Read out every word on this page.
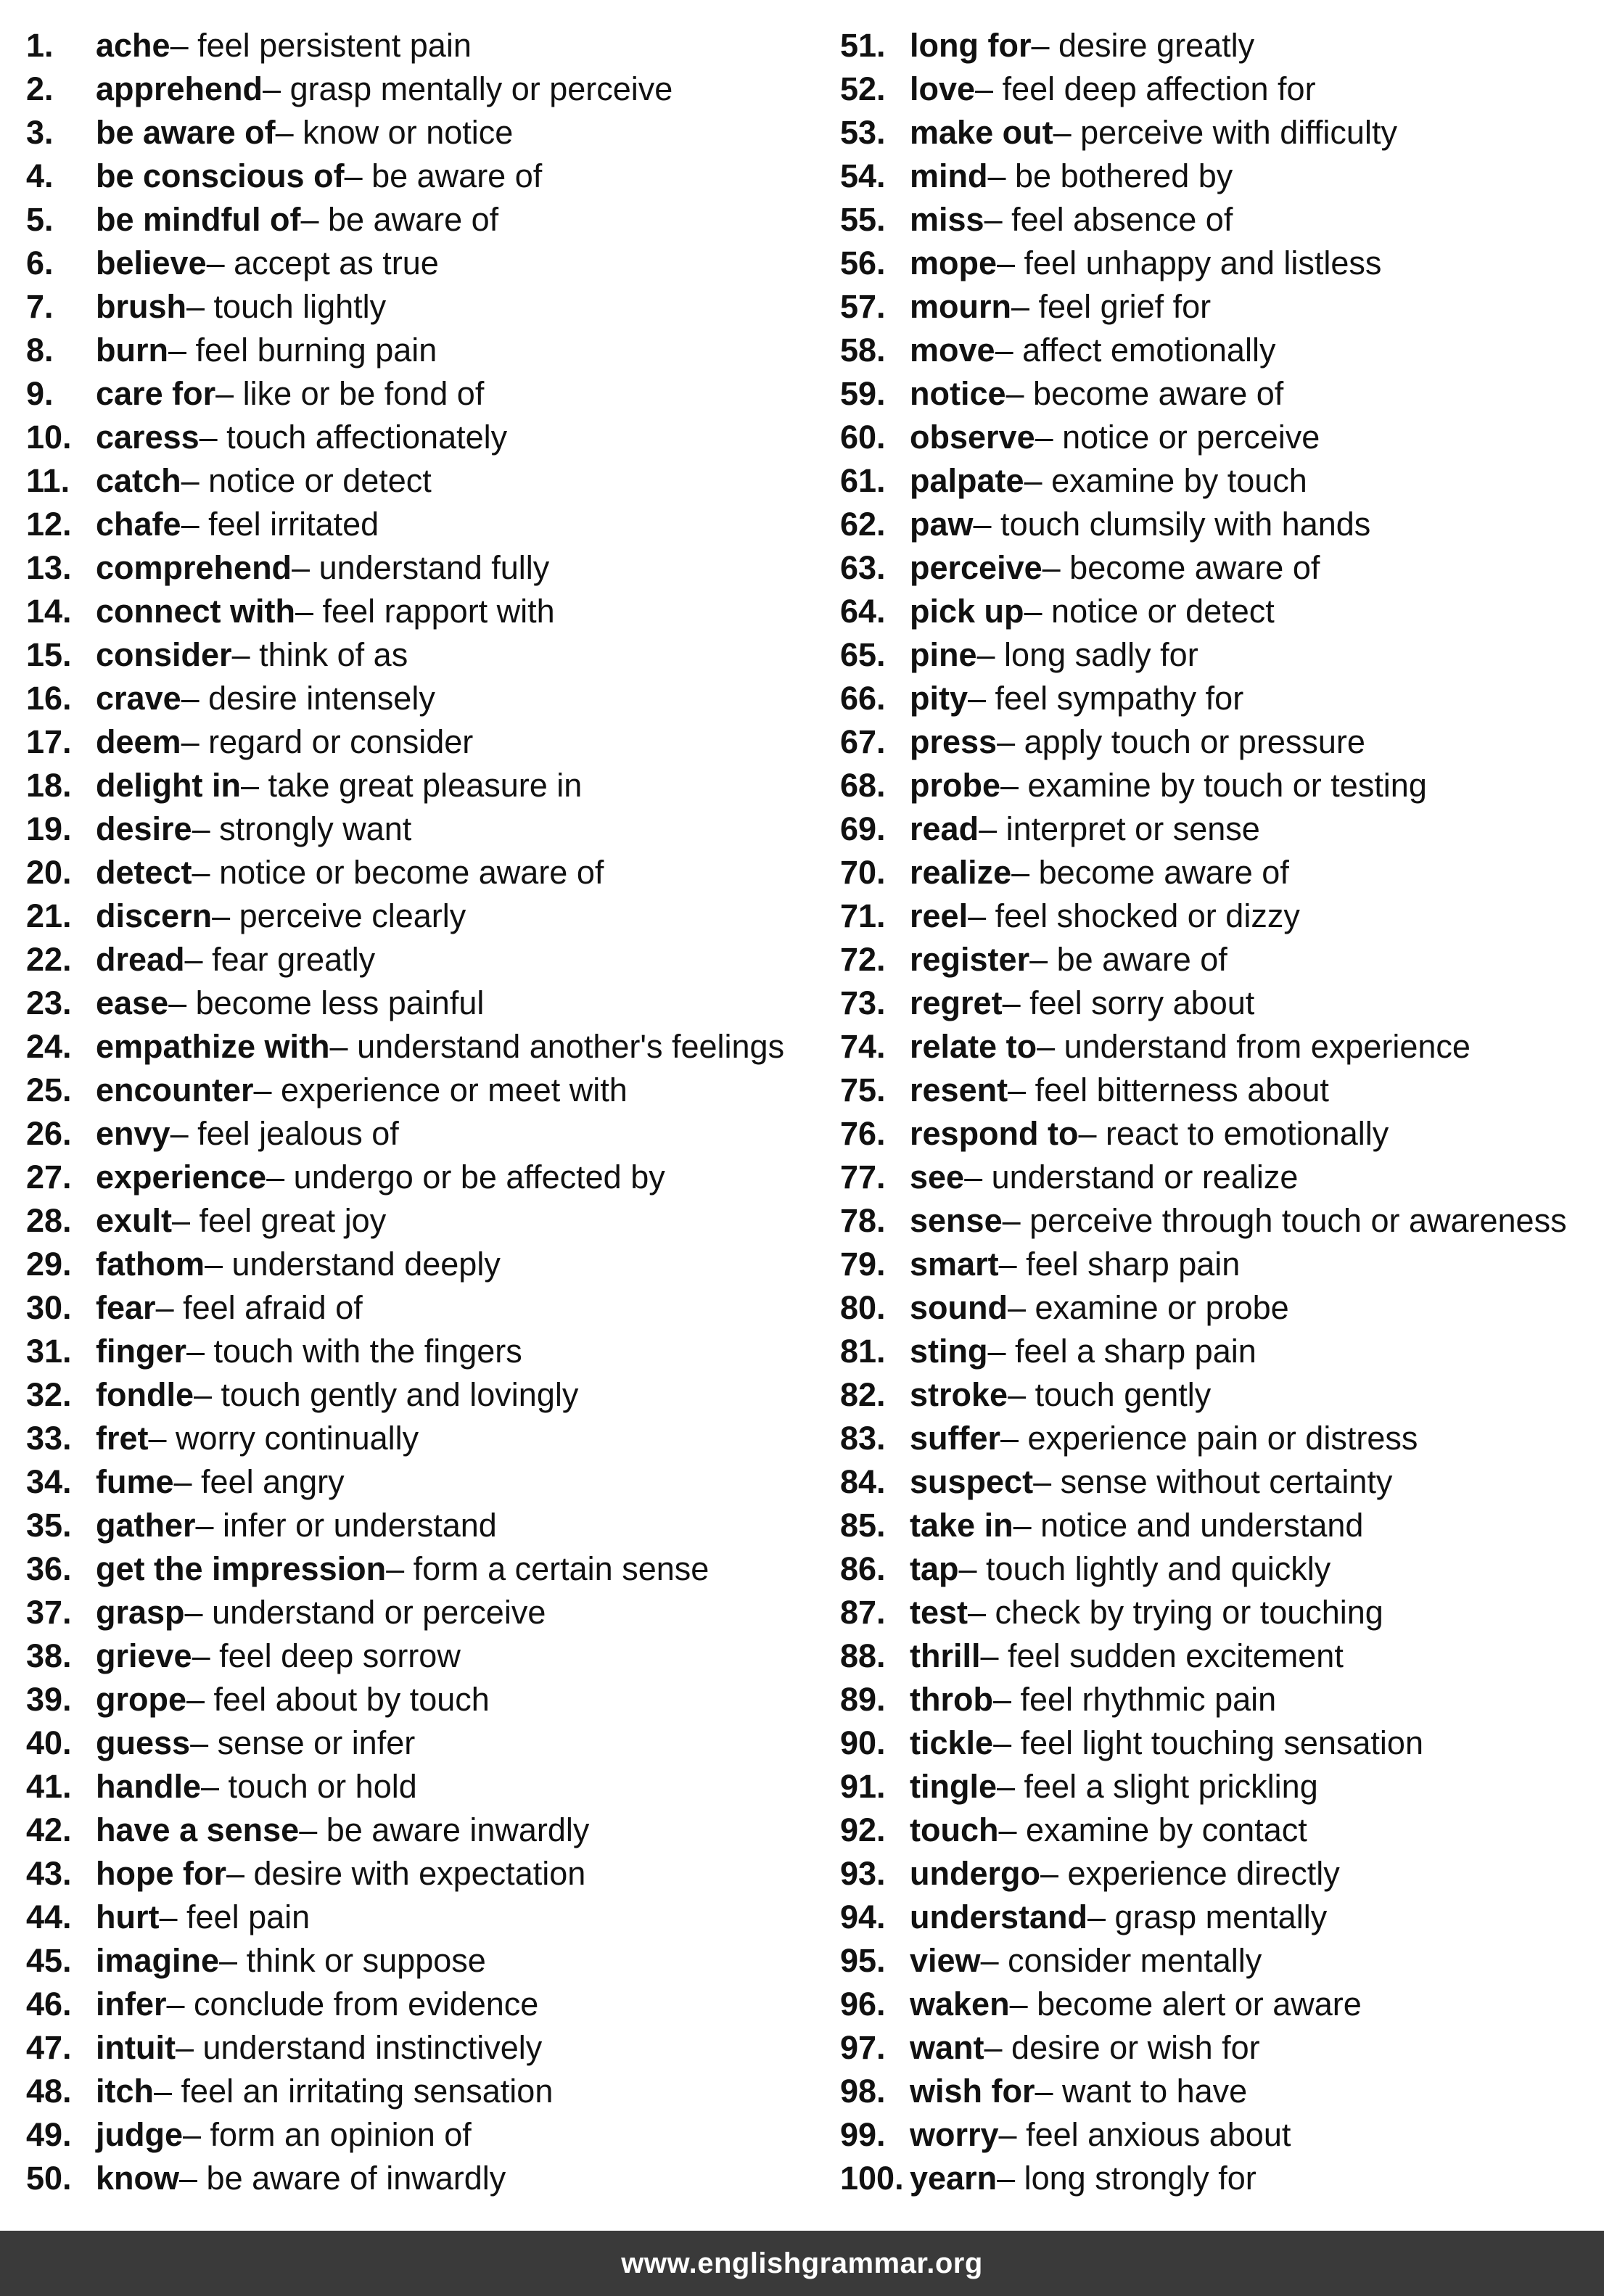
1.	ache – feel persistent pain
2.	apprehend – grasp mentally or perceive
3.	be aware of – know or notice
4.	be conscious of – be aware of
5.	be mindful of – be aware of
6.	believe – accept as true
7.	brush – touch lightly
8.	burn – feel burning pain
9.	care for – like or be fond of
10. caress – touch affectionately
11. catch – notice or detect
12. chafe – feel irritated
13. comprehend – understand fully
14. connect with – feel rapport with
15. consider – think of as
16. crave – desire intensely
17. deem – regard or consider
18. delight in – take great pleasure in
19. desire – strongly want
20. detect – notice or become aware of
21. discern – perceive clearly
22. dread – fear greatly
23. ease – become less painful
24. empathize with – understand another's feelings
25. encounter – experience or meet with
26. envy – feel jealous of
27. experience – undergo or be affected by
28. exult – feel great joy
29. fathom – understand deeply
30. fear – feel afraid of
31. finger – touch with the fingers
32. fondle – touch gently and lovingly
33. fret – worry continually
34. fume – feel angry
35. gather – infer or understand
36. get the impression – form a certain sense
37. grasp – understand or perceive
38. grieve – feel deep sorrow
39. grope – feel about by touch
40. guess – sense or infer
41. handle – touch or hold
42. have a sense – be aware inwardly
43. hope for – desire with expectation
44. hurt – feel pain
45. imagine – think or suppose
46. infer – conclude from evidence
47. intuit – understand instinctively
48. itch – feel an irritating sensation
49. judge – form an opinion of
50. know – be aware of inwardly
51. long for – desire greatly
52. love – feel deep affection for
53. make out – perceive with difficulty
54. mind – be bothered by
55. miss – feel absence of
56. mope – feel unhappy and listless
57. mourn – feel grief for
58. move – affect emotionally
59. notice – become aware of
60. observe – notice or perceive
61. palpate – examine by touch
62. paw – touch clumsily with hands
63. perceive – become aware of
64. pick up – notice or detect
65. pine – long sadly for
66. pity – feel sympathy for
67. press – apply touch or pressure
68. probe – examine by touch or testing
69. read – interpret or sense
70. realize – become aware of
71. reel – feel shocked or dizzy
72. register – be aware of
73. regret – feel sorry about
74. relate to – understand from experience
75. resent – feel bitterness about
76. respond to – react to emotionally
77. see – understand or realize
78. sense – perceive through touch or awareness
79. smart – feel sharp pain
80. sound – examine or probe
81. sting – feel a sharp pain
82. stroke – touch gently
83. suffer – experience pain or distress
84. suspect – sense without certainty
85. take in – notice and understand
86. tap – touch lightly and quickly
87. test – check by trying or touching
88. thrill – feel sudden excitement
89. throb – feel rhythmic pain
90. tickle – feel light touching sensation
91. tingle – feel a slight prickling
92. touch – examine by contact
93. undergo – experience directly
94. understand – grasp mentally
95. view – consider mentally
96. waken – become alert or aware
97. want – desire or wish for
98. wish for – want to have
99. worry – feel anxious about
100. yearn – long strongly for
www.englishgrammar.org
